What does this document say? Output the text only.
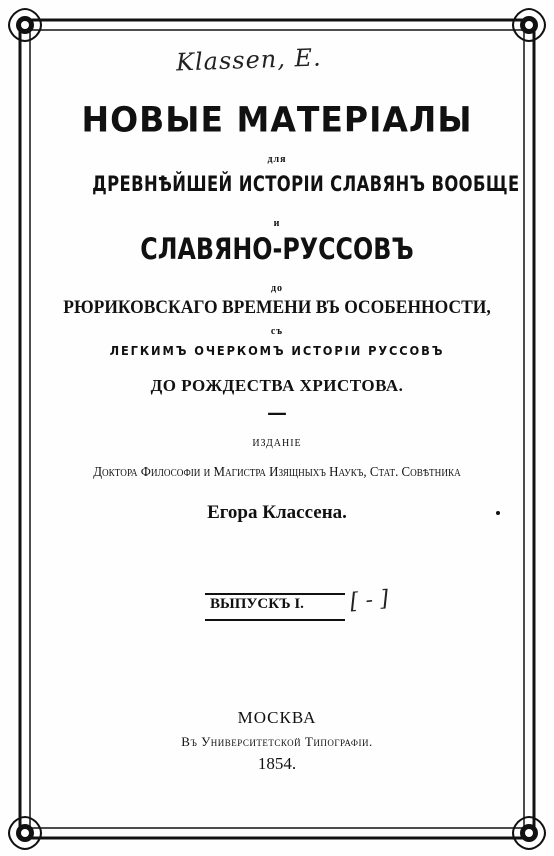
Klassen, E.
НОВЫЕ МАТЕРІАЛЫ
для
ДРЕВНѢЙШЕЙ ИСТОРІИ СЛАВЯНЪ ВООБЩЕ
и
СЛАВЯНО-РУССОВЪ
до
РЮРИКОВСКАГО ВРЕМЕНИ ВЪ ОСОБЕННОСТИ,
съ
ЛЕГКИМЪ ОЧЕРКОМЪ ИСТОРІИ РУССОВЪ
ДО РОЖДЕСТВА ХРИСТОВА.
—
ИЗДАНІЕ
Доктора Философіи и Магистра Изящныхъ Наукъ, Стат. Совѣтника
Егора Классена.
ВЫПУСКЪ I. [ - ]
МОСКВА
Въ Университетской Типографіи.
1854.
